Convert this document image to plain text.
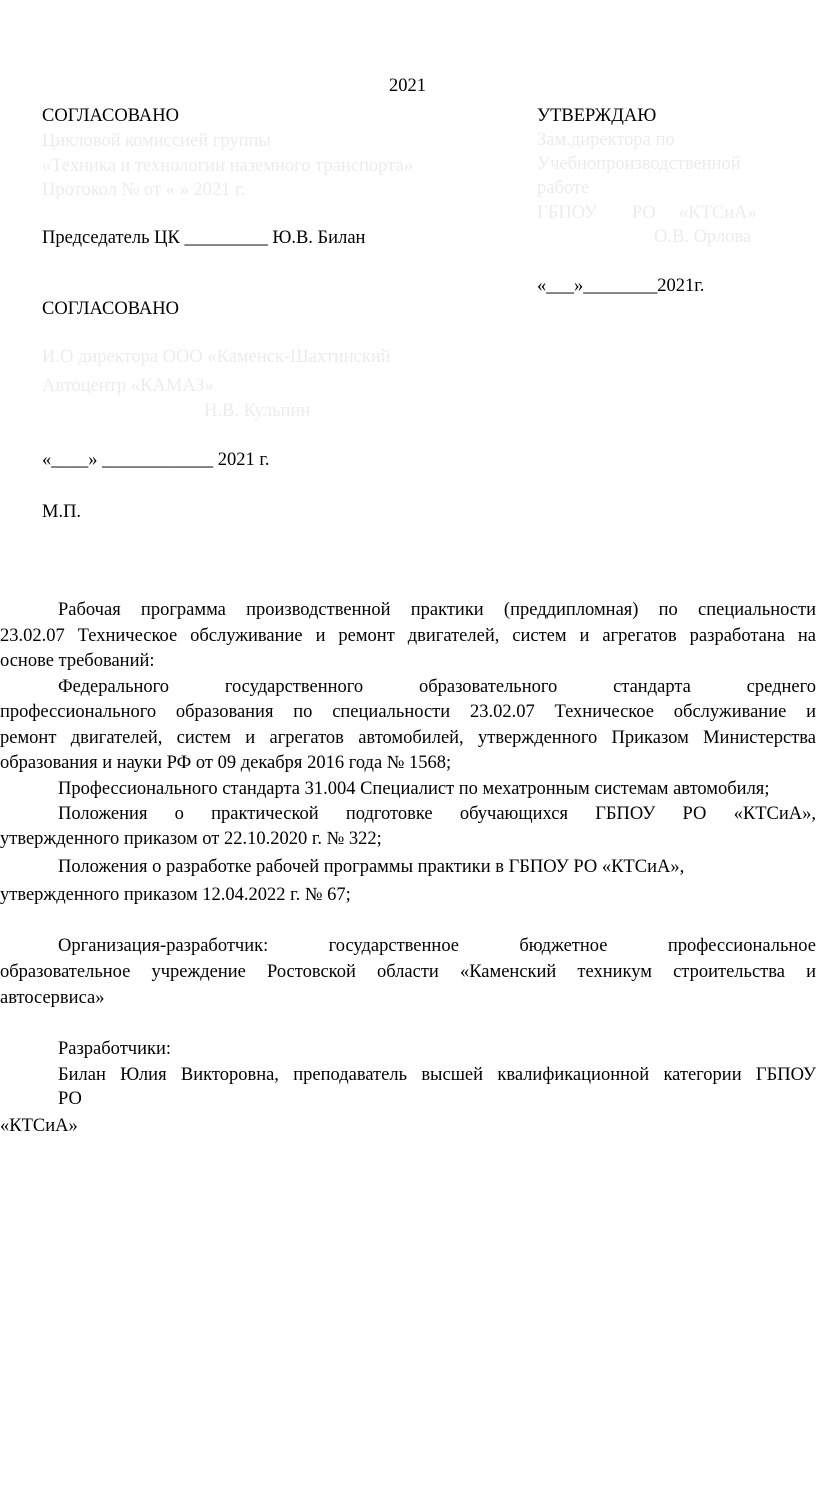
2021
СОГЛАСОВАНО
Цикловой комиссией группы
«Техника и технологии наземного транспорта»
Протокол № от « » 2021 г.
Председатель ЦК _________ Ю.В. Билан
СОГЛАСОВАНО
И.О директора ООО «Каменск-Шахтинский
Автоцентр «КАМАЗ»
Н.В. Кульпин
«____» ____________ 2021 г.
М.П.
УТВЕРЖДАЮ
Зам.директора по
Учебнопроизводственной
работе
ГБПОУ РО «КТСиА»
О.В. Орлова
«___»________2021г.
Рабочая программа производственной практики (преддипломная) по специальности
23.02.07 Техническое обслуживание и ремонт двигателей, систем и агрегатов разработана на
основе требований:
Федерального государственного образовательного стандарта среднего
профессионального образования по специальности 23.02.07 Техническое обслуживание и
ремонт двигателей, систем и агрегатов автомобилей, утвержденного Приказом Министерства
образования и науки РФ от 09 декабря 2016 года № 1568;
Профессионального стандарта 31.004 Специалист по мехатронным системам автомобиля;
Положения о практической подготовке обучающихся ГБПОУ РО «КТСиА»,
утвержденного приказом от 22.10.2020 г. № 322;
Положения о разработке рабочей программы практики в ГБПОУ РО «КТСиА»,
утвержденного приказом 12.04.2022 г. № 67;
Организация-разработчик: государственное бюджетное профессиональное
образовательное учреждение Ростовской области «Каменский техникум строительства и
автосервиса»
Разработчики:
Билан Юлия Викторовна, преподаватель высшей квалификационной категории ГБПОУ
РО
«КТСиА»
